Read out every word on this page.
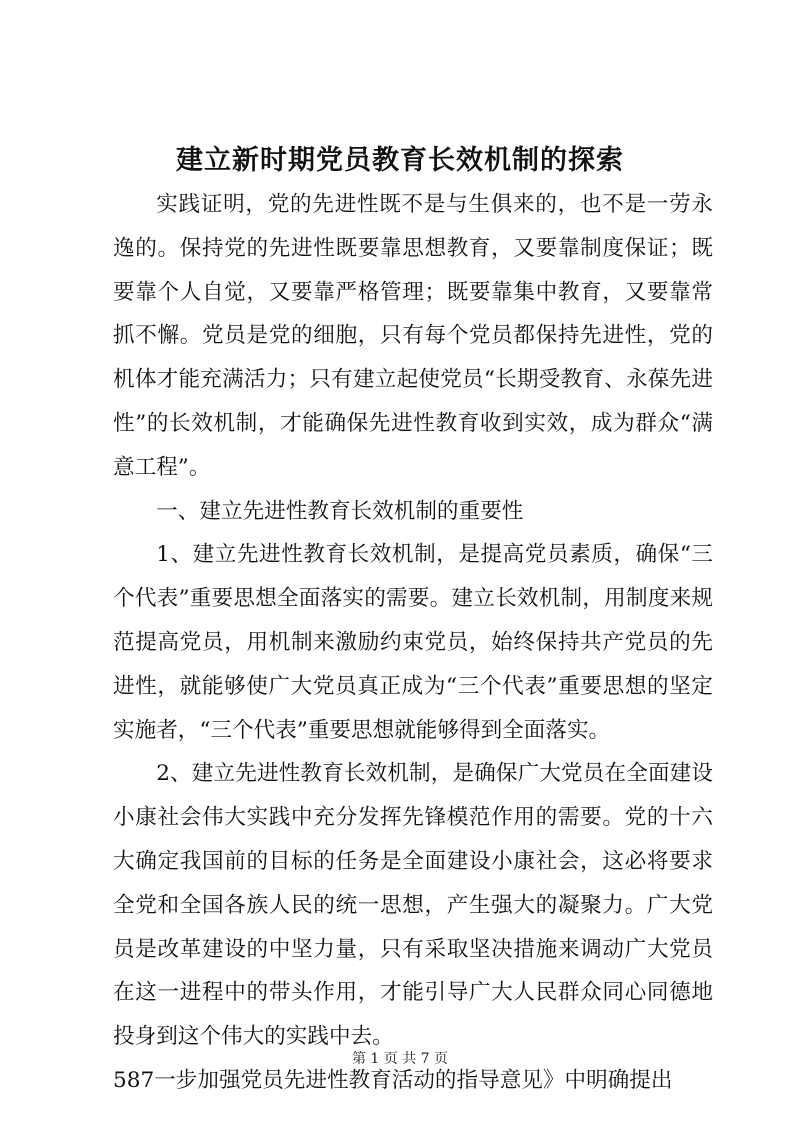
建立新时期党员教育长效机制的探索

实践证明，党的先进性既不是与生俱来的，也不是一劳永逸的。保持党的先进性既要靠思想教育，又要靠制度保证；既要靠个人自觉，又要靠严格管理；既要靠集中教育，又要靠常抓不懈。党员是党的细胞，只有每个党员都保持先进性，党的机体才能充满活力；只有建立起使党员“长期受教育、永葆先进性”的长效机制，才能确保先进性教育收到实效，成为群众“满意工程”。

一、建立先进性教育长效机制的重要性

1、建立先进性教育长效机制，是提高党员素质，确保“三个代表”重要思想全面落实的需要。建立长效机制，用制度来规范提高党员，用机制来激励约束党员，始终保持共产党员的先进性，就能够使广大党员真正成为“三个代表”重要思想的坚定实施者，“三个代表”重要思想就能够得到全面落实。

2、建立先进性教育长效机制，是确保广大党员在全面建设小康社会伟大实践中充分发挥先锋模范作用的需要。党的十六大确定我国前的目标的任务是全面建设小康社会，这必将要求全党和全国各族人民的统一思想，产生强大的凝聚力。广大党员是改革建设的中坚力量，只有采取坚决措施来调动广大党员在这一进程中的带头作用，才能引导广大人民群众同心同德地投身到这个伟大的实践中去。

587一步加强党员先进性教育活动的指导意见》中明确提出

第 1 页 共 7 页
